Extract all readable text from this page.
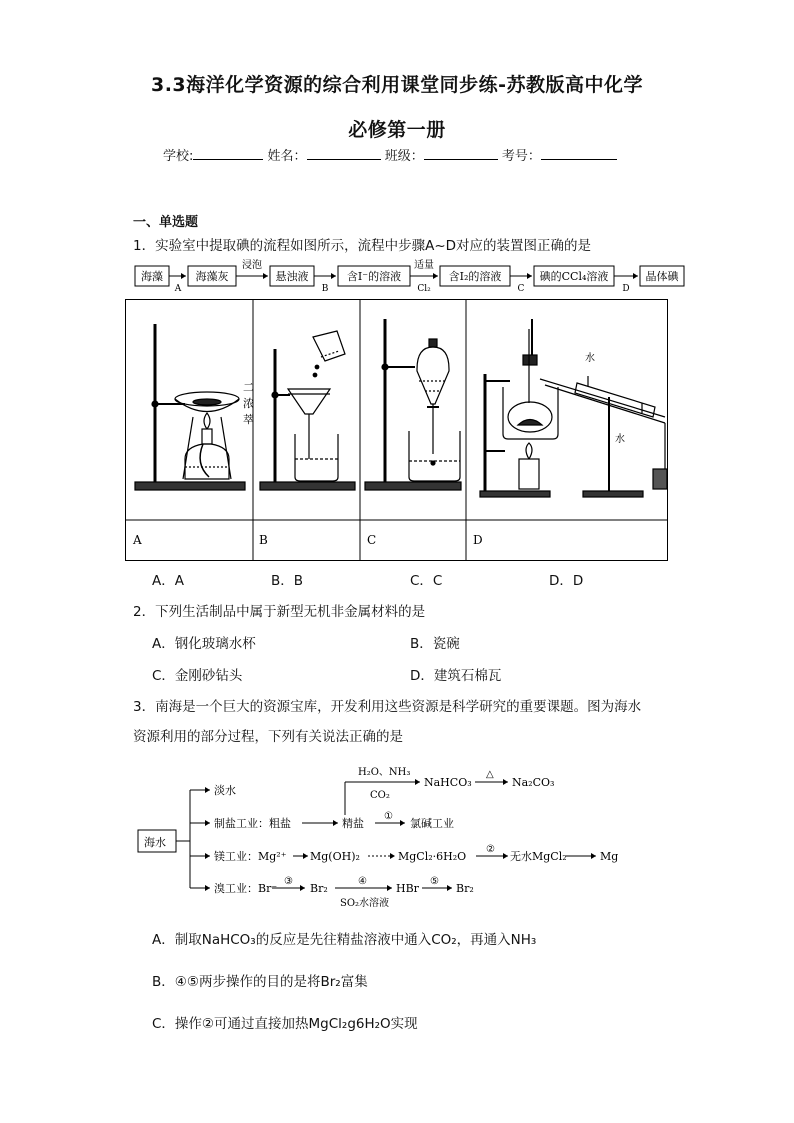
3.3海洋化学资源的综合利用课堂同步练-苏教版高中化学
必修第一册
学校:	姓名：	班级：	考号：
一、单选题
1．实验室中提取碘的流程如图所示，流程中步骤A~D对应的装置图正确的是
海藻	海藻灰	悬浊液	含I⁻的溶液	含I₂的溶液	碘的CCl₄溶液	晶体碘
浸泡	适量
A	B	Cl₂	C	D
二
浓
萃
水
水
A	B	C	D
A．A	B．B	C．C	D．D
2．下列生活制品中属于新型无机非金属材料的是
A．钢化玻璃水杯	B．瓷碗
C．金刚砂钻头	D．建筑石棉瓦
3．南海是一个巨大的资源宝库，开发利用这些资源是科学研究的重要课题。图为海水
资源利用的部分过程，下列有关说法正确的是
海水
淡水
制盐工业：粗盐	精盐
①
氯碱工业
H₂O、NH₃
CO₂
NaHCO₃
△
Na₂CO₃
镁工业：Mg²⁺ Mg(OH)₂	MgCl₂·6H₂O
②
无水MgCl₂	Mg
溴工业：Br⁻
③
Br₂
④
SO₂水溶液
HBr
⑤
Br₂
A．制取NaHCO₃的反应是先往精盐溶液中通入CO₂，再通入NH₃
B．④⑤两步操作的目的是将Br₂富集
C．操作②可通过直接加热MgCl₂g6H₂O实现
